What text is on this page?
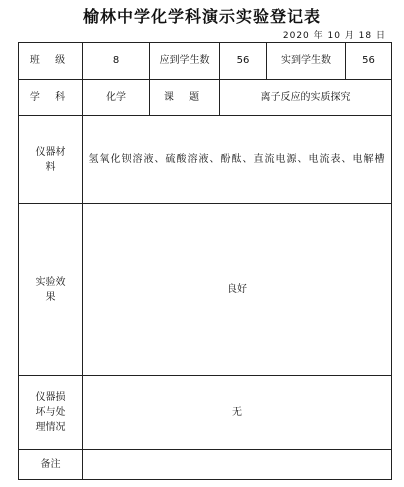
榆林中学化学科演示实验登记表
2020 年 10 月 18 日
班 级	8	应到学生数	56	实到学生数	56
学 科	化学	课 题	离子反应的实质探究		
仪器材料	氢氧化钡溶液、硫酸溶液、酚酞、直流电源、电流表、电解槽				
实验效果	良好				
仪器损坏与处理情况	无				
备注					
